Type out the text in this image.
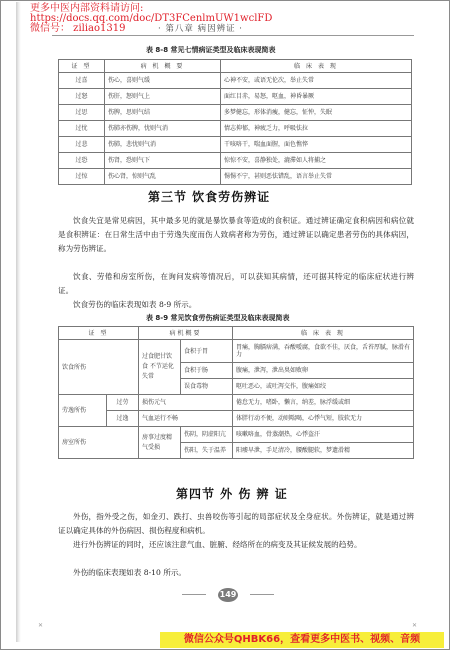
更多中医内部资料请访问:
https://docs.qq.com/doc/DT3FCenlmUW1wclFD
微信号： ziliao1319	· 第八章 病因辨证 ·
表 8-8 常见七情病证类型及临床表现简表
证 型	病 机 概 要	临 床 表 现
过喜	伤心，喜则气缓	心神不安，或语无伦次，举止失常
过怒	伤肝，怒则气上	面红目赤，易怒，呕血，神昏暴厥
过思	伤脾，思则气结	多梦健忘，形体消瘦，健忘，怔忡，失眠
过忧	伤肺亦伤脾，忧则气消	情志抑郁，神疲乏力，呼吸怯拉
过悲	伤肺，悲忧则气消	干咳咯干，喘血面腥，面色憔悴
过恐	伤肾，恐则气下	惊惊不安，喜静独处，漉滞如人将捕之
过惊	伤心肾，惊则气乱	惕惕不宁，甚则恶怯错乱，语言举止失常
第三节 饮食劳伤辨证

饮食失宜是常见病因，其中最多见的就是暴饮暴食等造成的食积证。通过辨证确定食积病因和病位就是食积辨证：在日常生活中由于劳逸失度而伤人致病者称为劳伤，通过辨证以确定患者劳伤的具体病因，称为劳伤辨证。

饮食、劳倦和房室所伤，在询问发病等情况后，可以获知其病情，还可据其特定的临床症状进行辨证。

饮食劳伤的临床表现如表 8-9 所示。

表 8-9 常见饮食劳伤病证类型及临床表现简表
证 型		病机概要		临 床 表 现
饮食所伤		过食肥甘饮食 不节运化失常	食积于胃	胃痛，胸膈痞满，吞酸嗳腐，食欲不佳，厌食，舌苔厚腻，脉滑有力
			食积于肠	腹痛，泄泻，泄出臭如败卵
			误食毒物	呕吐恶心，或吐泻交作，腹痛如绞
劳逸所伤	过劳	损伤元气		倦怠无力，嗜卧，懒言，纳差，脉浮缓或细
	过逸	气血运行不畅		体胖行动不便，动则喘喝，心悸气短，肢软无力
房室所伤		房事过度精气受损	伤阴，阴虚阳亢	咳嗽咯血，骨蒸潮热，心悸盗汗
			伤阳，失于温养	阳痿早泄，手足清冷，腰酸腿软，梦遗滑精
第四节 外 伤 辨 证

外伤，指外受之伤，如金刃、跌打、虫兽咬伤等引起的局部症状及全身症状。外伤辨证，就是通过辨证以确定具体的外伤病因、损伤程度和病机。

进行外伤辨证的同时，还应该注意气血、脏腑、经络所在的病变及其证候发展的趋势。

外伤的临床表现如表 8-10 所示。

149
✕	✕
微信公众号QHBK66，查看更多中医书、视频、音频
